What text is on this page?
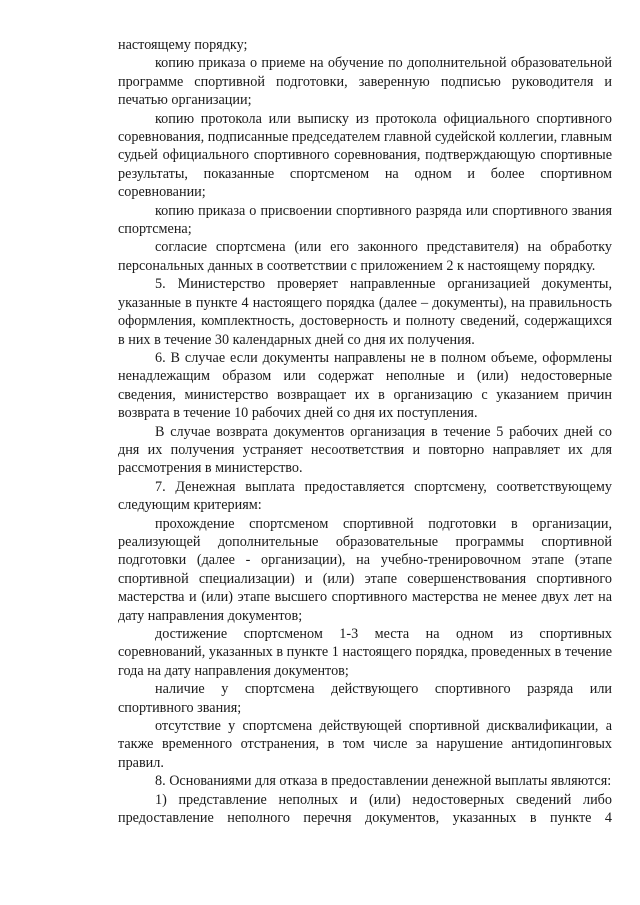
настоящему порядку;

копию приказа о приеме на обучение по дополнительной образовательной программе спортивной подготовки, заверенную подписью руководителя и печатью организации;

копию протокола или выписку из протокола официального спортивного соревнования, подписанные председателем главной судейской коллегии, главным судьей официального спортивного соревнования, подтверждающую спортивные результаты, показанные спортсменом на одном и более спортивном соревновании;

копию приказа о присвоении спортивного разряда или спортивного звания спортсмена;

согласие спортсмена (или его законного представителя) на обработку персональных данных в соответствии с приложением 2 к настоящему порядку.

5. Министерство проверяет направленные организацией документы, указанные в пункте 4 настоящего порядка (далее – документы), на правильность оформления, комплектность, достоверность и полноту сведений, содержащихся в них в течение 30 календарных дней со дня их получения.

6. В случае если документы направлены не в полном объеме, оформлены ненадлежащим образом или содержат неполные и (или) недостоверные сведения, министерство возвращает их в организацию с указанием причин возврата в течение 10 рабочих дней со дня их поступления.

В случае возврата документов организация в течение 5 рабочих дней со дня их получения устраняет несоответствия и повторно направляет их для рассмотрения в министерство.

7. Денежная выплата предоставляется спортсмену, соответствующему следующим критериям:

прохождение спортсменом спортивной подготовки в организации, реализующей дополнительные образовательные программы спортивной подготовки (далее - организации), на учебно-тренировочном этапе (этапе спортивной специализации) и (или) этапе совершенствования спортивного мастерства и (или) этапе высшего спортивного мастерства не менее двух лет на дату направления документов;

достижение спортсменом 1-3 места на одном из спортивных соревнований, указанных в пункте 1 настоящего порядка, проведенных в течение года на дату направления документов;

наличие у спортсмена действующего спортивного разряда или спортивного звания;

отсутствие у спортсмена действующей спортивной дисквалификации, а также временного отстранения, в том числе за нарушение антидопинговых правил.

8. Основаниями для отказа в предоставлении денежной выплаты являются:

1) представление неполных и (или) недостоверных сведений либо предоставление неполного перечня документов, указанных в пункте 4
